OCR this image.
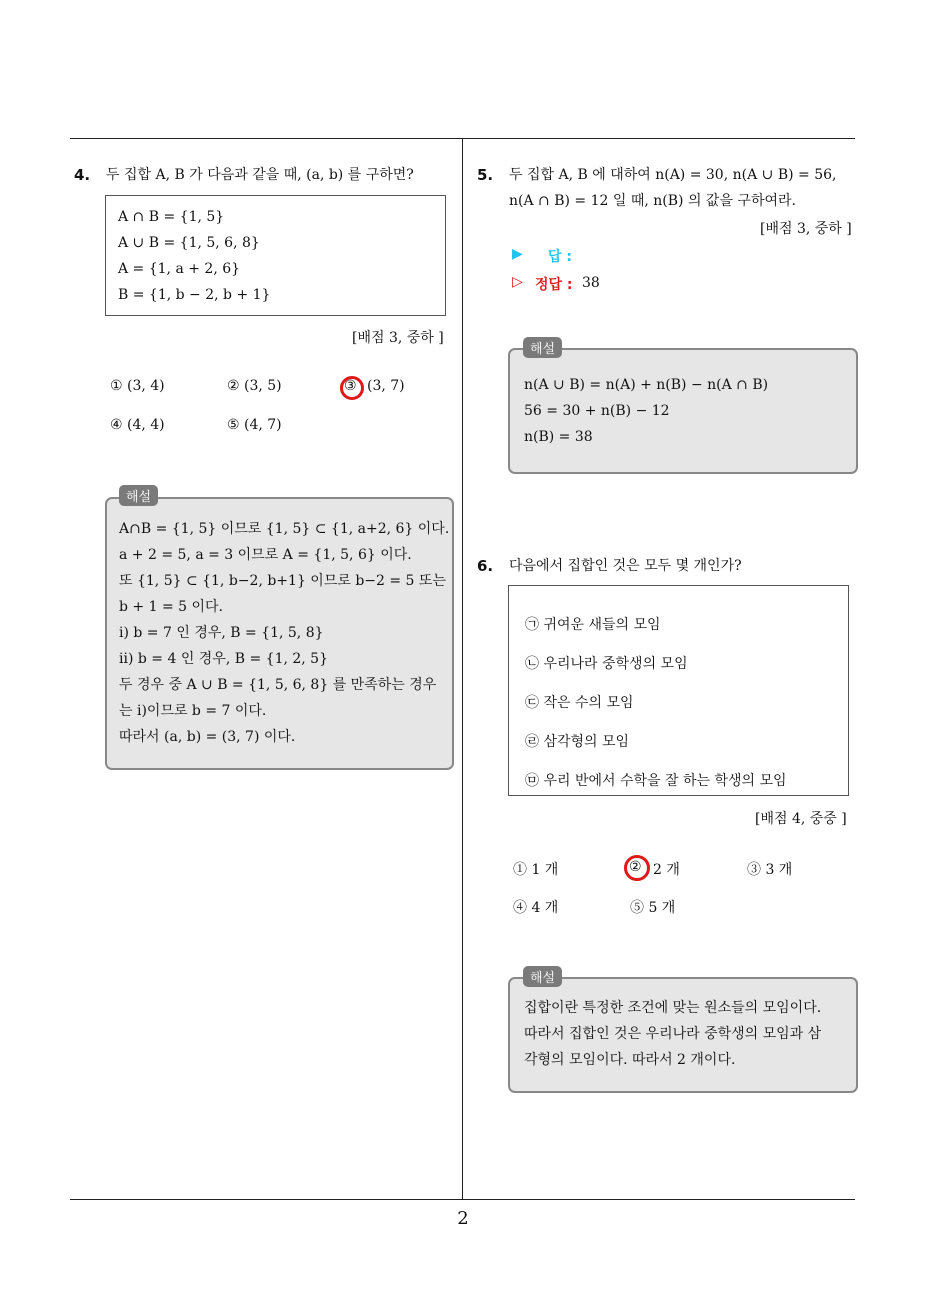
2
4. 두 집합 A, B 가 다음과 같을 때, (a, b) 를 구하면?
A ∩ B = {1, 5}
A ∪ B = {1, 5, 6, 8}
A = {1, a + 2, 6}
B = {1, b − 2, b + 1}
[배점 3, 중하 ]
① (3, 4)	② (3, 5)	③ (3, 7)
④ (4, 4)	⑤ (4, 7)
A∩B = {1, 5} 이므로 {1, 5} ⊂ {1, a+2, 6} 이다.
a + 2 = 5, a = 3 이므로 A = {1, 5, 6} 이다.
또 {1, 5} ⊂ {1, b−2, b+1} 이므로 b−2 = 5 또는
b + 1 = 5 이다.
ⅰ) b = 7 인 경우, B = {1, 5, 8}
ⅱ) b = 4 인 경우, B = {1, 2, 5}
두 경우 중 A ∪ B = {1, 5, 6, 8} 를 만족하는 경우
는 ⅰ)이므로 b = 7 이다.
따라서 (a, b) = (3, 7) 이다.
해설
5. 두 집합 A, B 에 대하여 n(A) = 30, n(A ∪ B) = 56,
n(A ∩ B) = 12 일 때, n(B) 의 값을 구하여라.
[배점 3, 중하 ]
▶ 답 :
▷ 정답 : 38
n(A ∪ B) = n(A) + n(B) − n(A ∩ B)
56 = 30 + n(B) − 12
n(B) = 38
해설
6. 다음에서 집합인 것은 모두 몇 개인가?
㉠ 귀여운 새들의 모임
㉡ 우리나라 중학생의 모임
㉢ 작은 수의 모임
㉣ 삼각형의 모임
㉤ 우리 반에서 수학을 잘 하는 학생의 모임
[배점 4, 중중 ]
① 1 개	② 2 개	③ 3 개
④ 4 개	⑤ 5 개
집합이란 특정한 조건에 맞는 원소들의 모임이다.
따라서 집합인 것은 우리나라 중학생의 모임과 삼
각형의 모임이다. 따라서 2 개이다.
해설
